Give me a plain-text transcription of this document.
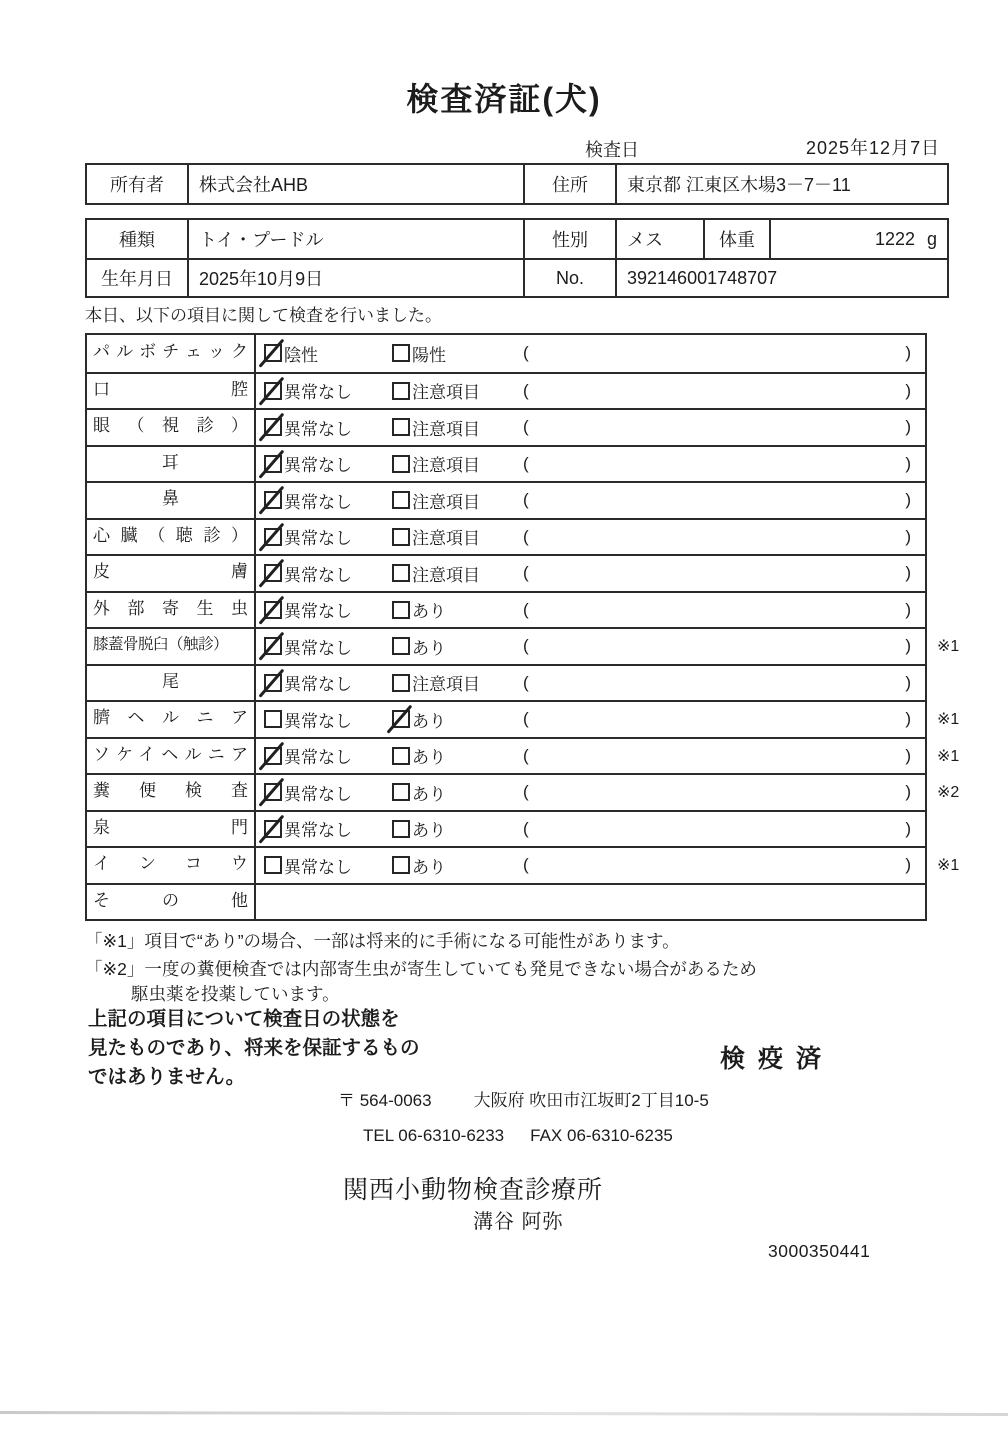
検査済証(犬)
検査日	2025年12月7日
所有者	株式会社AHB	住所	東京都 江東区木場3－7－11
種類	トイ・プードル	性別	メス	体重	1222 g
生年月日	2025年10月9日	No.	392146001748707
本日、以下の項目に関して検査を行いました。
パルボチェック	陰性	陽性	(	)
口腔	異常なし	注意項目	(	)
眼（視診）	異常なし	注意項目	(	)
耳	異常なし	注意項目	(	)
鼻	異常なし	注意項目	(	)
心臓（聴診）	異常なし	注意項目	(	)
皮膚	異常なし	注意項目	(	)
外部寄生虫	異常なし	あり	(	)
膝蓋骨脱臼（触診）	異常なし	あり	(	) ※1
尾	異常なし	注意項目	(	)
臍ヘルニア	異常なし	あり	(	) ※1
ソケイヘルニア	異常なし	あり	(	) ※1
糞便検査	異常なし	あり	(	) ※2
泉門	異常なし	あり	(	)
インコウ	異常なし	あり	(	) ※1
その他
「※1」項目で“あり”の場合、一部は将来的に手術になる可能性があります。
「※2」一度の糞便検査では内部寄生虫が寄生していても発見できない場合があるため
駆虫薬を投薬しています。
上記の項目について検査日の状態を
見たものであり、将来を保証するもの
ではありません。
検疫済
〒 564-0063 大阪府 吹田市江坂町2丁目10-5
TEL 06-6310-6233 FAX 06-6310-6235
関西小動物検査診療所
溝谷 阿弥
3000350441
